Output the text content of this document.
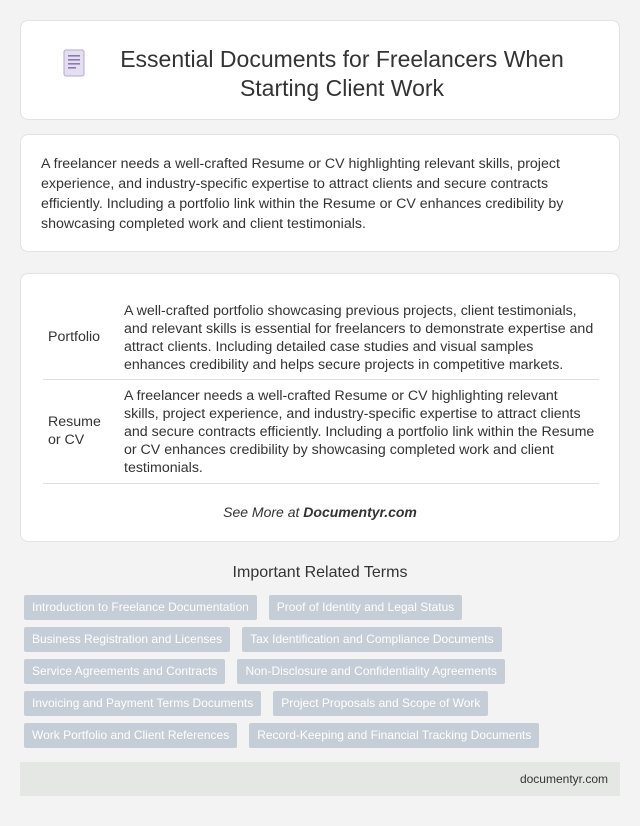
Essential Documents for Freelancers When Starting Client Work

A freelancer needs a well-crafted Resume or CV highlighting relevant skills, project experience, and industry-specific expertise to attract clients and secure contracts efficiently. Including a portfolio link within the Resume or CV enhances credibility by showcasing completed work and client testimonials.

Portfolio	A well-crafted portfolio showcasing previous projects, client testimonials, and relevant skills is essential for freelancers to demonstrate expertise and attract clients. Including detailed case studies and visual samples enhances credibility and helps secure projects in competitive markets.
Resume or CV	A freelancer needs a well-crafted Resume or CV highlighting relevant skills, project experience, and industry-specific expertise to attract clients and secure contracts efficiently. Including a portfolio link within the Resume or CV enhances credibility by showcasing completed work and client testimonials.
See More at Documentyr.com
Important Related Terms
Introduction to Freelance Documentation	Proof of Identity and Legal Status
Business Registration and Licenses	Tax Identification and Compliance Documents
Service Agreements and Contracts	Non-Disclosure and Confidentiality Agreements
Invoicing and Payment Terms Documents	Project Proposals and Scope of Work
Work Portfolio and Client References	Record-Keeping and Financial Tracking Documents
documentyr.com
